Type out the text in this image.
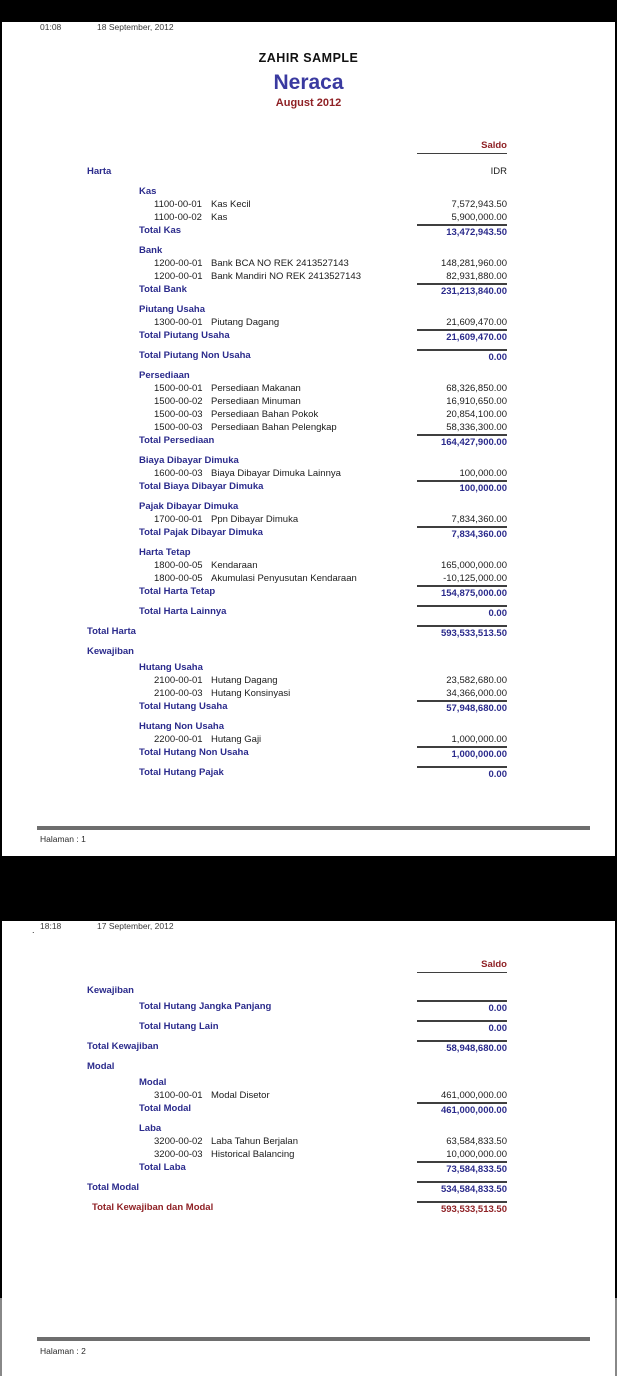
01:08	18 September, 2012
ZAHIR SAMPLE
Neraca
August 2012
Saldo
Harta	IDR
Kas
1100-00-01 Kas Kecil	7,572,943.50
1100-00-02 Kas	5,900,000.00
Total Kas	13,472,943.50
Bank
1200-00-01 Bank BCA NO REK 2413527143	148,281,960.00
1200-00-01 Bank Mandiri NO REK 2413527143	82,931,880.00
Total Bank	231,213,840.00
Piutang Usaha
1300-00-01 Piutang Dagang	21,609,470.00
Total Piutang Usaha	21,609,470.00
Total Piutang Non Usaha	0.00
Persediaan
1500-00-01 Persediaan Makanan	68,326,850.00
1500-00-02 Persediaan Minuman	16,910,650.00
1500-00-03 Persediaan Bahan Pokok	20,854,100.00
1500-00-03 Persediaan Bahan Pelengkap	58,336,300.00
Total Persediaan	164,427,900.00
Biaya Dibayar Dimuka
1600-00-03 Biaya Dibayar Dimuka Lainnya	100,000.00
Total Biaya Dibayar Dimuka	100,000.00
Pajak Dibayar Dimuka
1700-00-01 Ppn Dibayar Dimuka	7,834,360.00
Total Pajak Dibayar Dimuka	7,834,360.00
Harta Tetap
1800-00-05 Kendaraan	165,000,000.00
1800-00-05 Akumulasi Penyusutan Kendaraan	-10,125,000.00
Total Harta Tetap	154,875,000.00
Total Harta Lainnya	0.00
Total Harta	593,533,513.50
Kewajiban
Hutang Usaha
2100-00-01 Hutang Dagang	23,582,680.00
2100-00-03 Hutang Konsinyasi	34,366,000.00
Total Hutang Usaha	57,948,680.00
Hutang Non Usaha
2200-00-01 Hutang Gaji	1,000,000.00
Total Hutang Non Usaha	1,000,000.00
Total Hutang Pajak	0.00
Halaman : 1
. 18:18	17 September, 2012
Saldo
Kewajiban
Total Hutang Jangka Panjang	0.00
Total Hutang Lain	0.00
Total Kewajiban	58,948,680.00
Modal
Modal
3100-00-01 Modal Disetor	461,000,000.00
Total Modal	461,000,000.00
Laba
3200-00-02 Laba Tahun Berjalan	63,584,833.50
3200-00-03 Historical Balancing	10,000,000.00
Total Laba	73,584,833.50
Total Modal	534,584,833.50
Total Kewajiban dan Modal	593,533,513.50
Halaman : 2
